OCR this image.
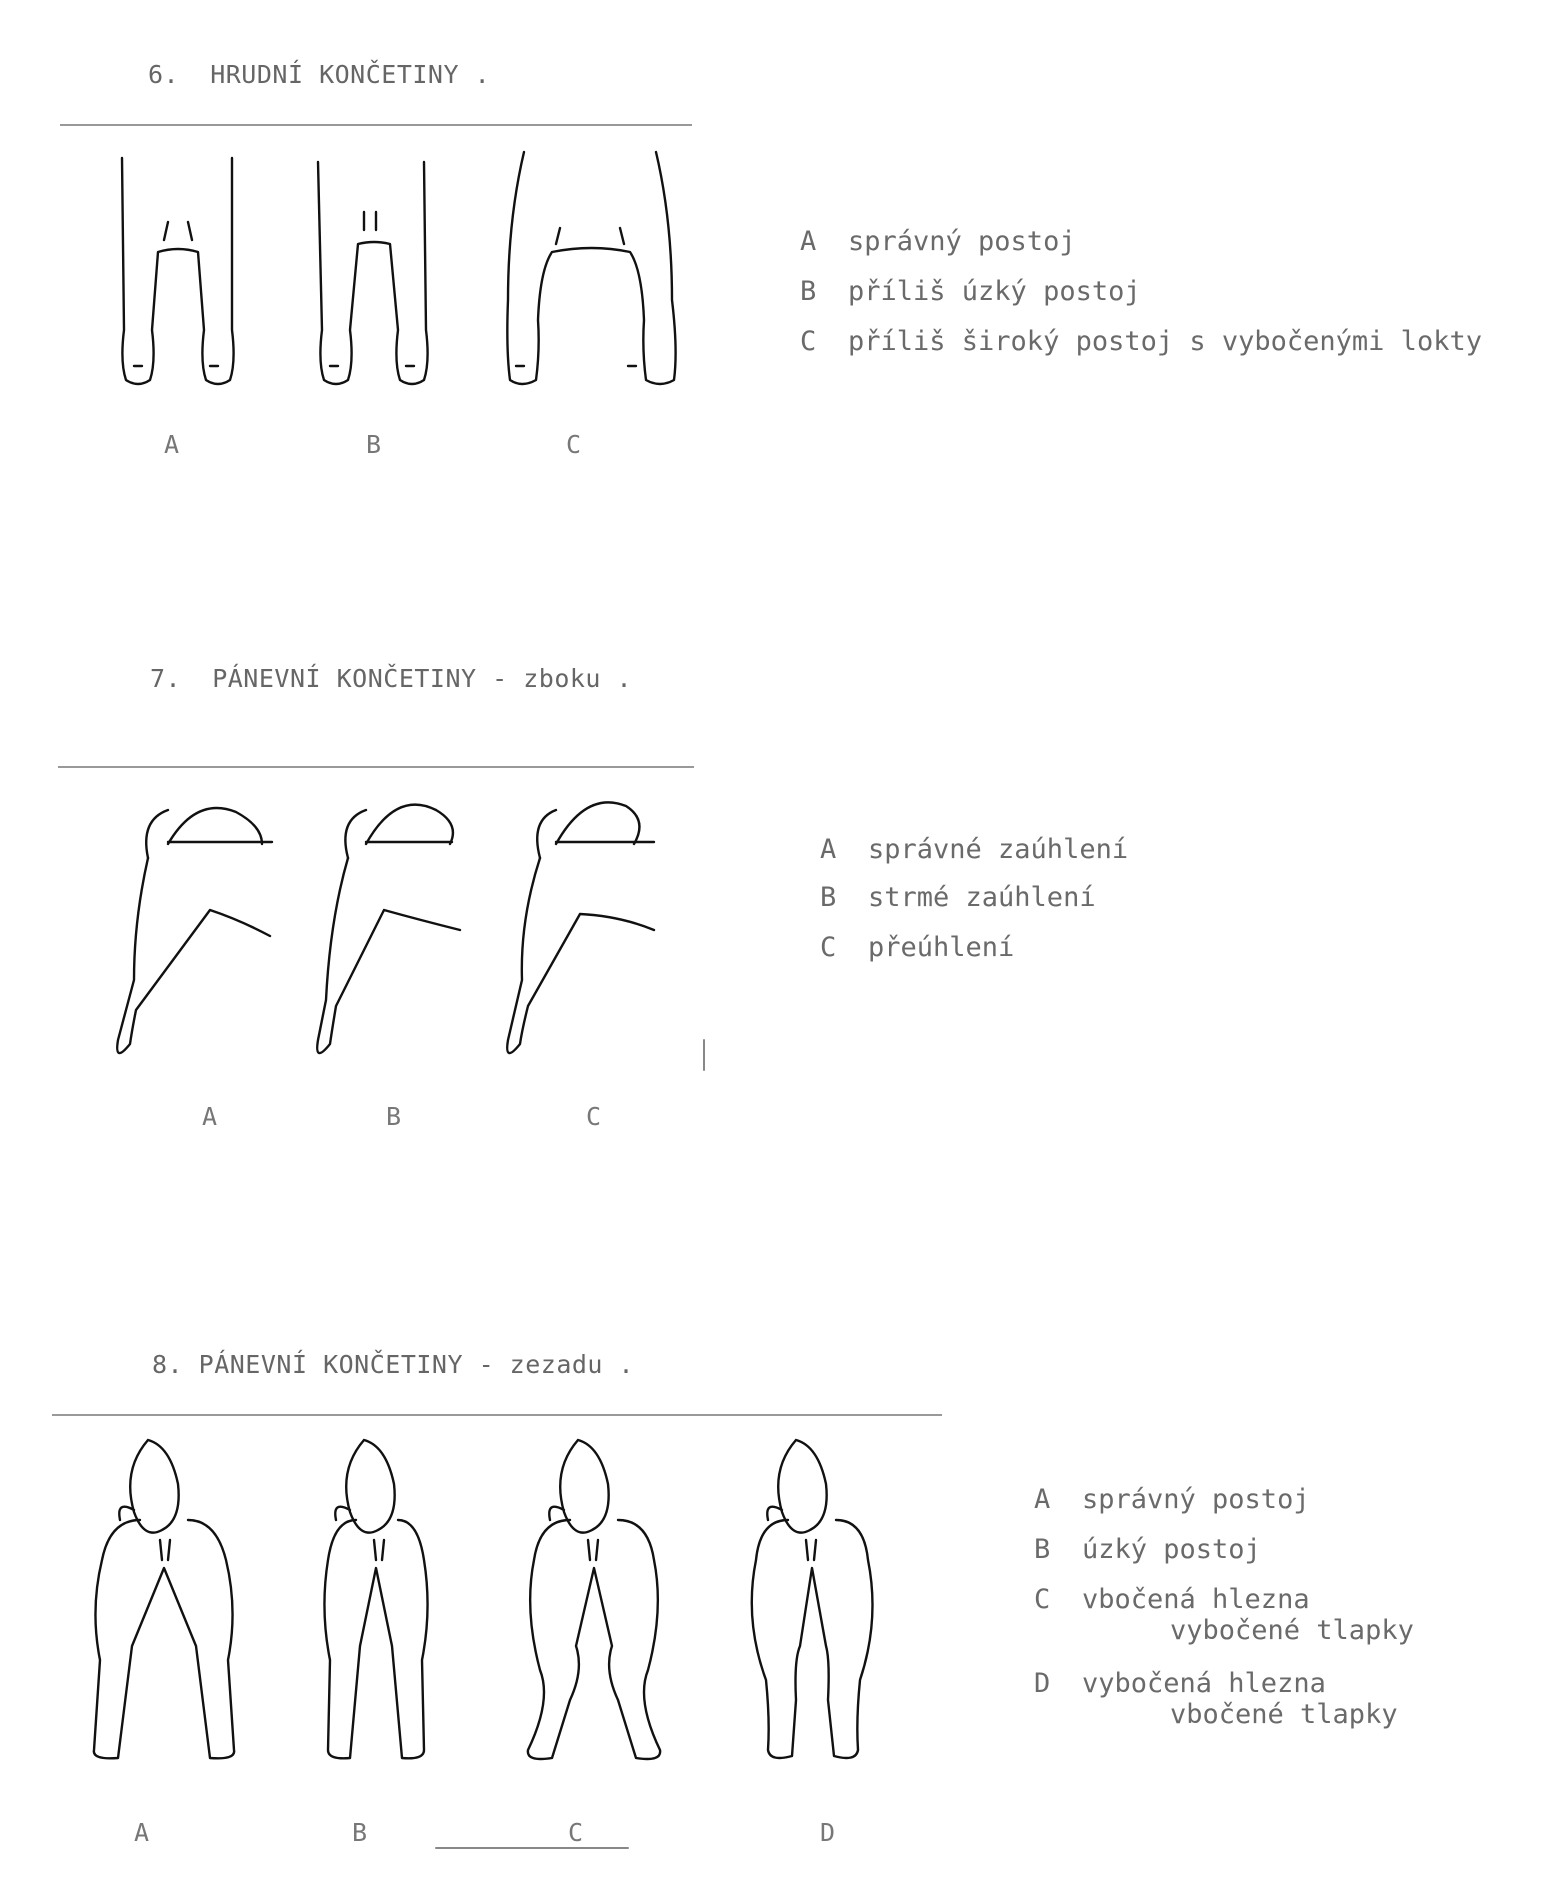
6.  HRUDNÍ KONČETINY .
A	B	C
A správný postoj
B příliš úzký postoj
C příliš široký postoj s vybočenými lokty
7.  PÁNEVNÍ KONČETINY - zboku .
A	B	C
A správné zaúhlení
B strmé zaúhlení
C přeúhlení
8. PÁNEVNÍ KONČETINY - zezadu .
A	B	C	D
A správný postoj
B úzký postoj
C vbočená hlezna
vybočené tlapky
D vybočená hlezna
vbočené tlapky
